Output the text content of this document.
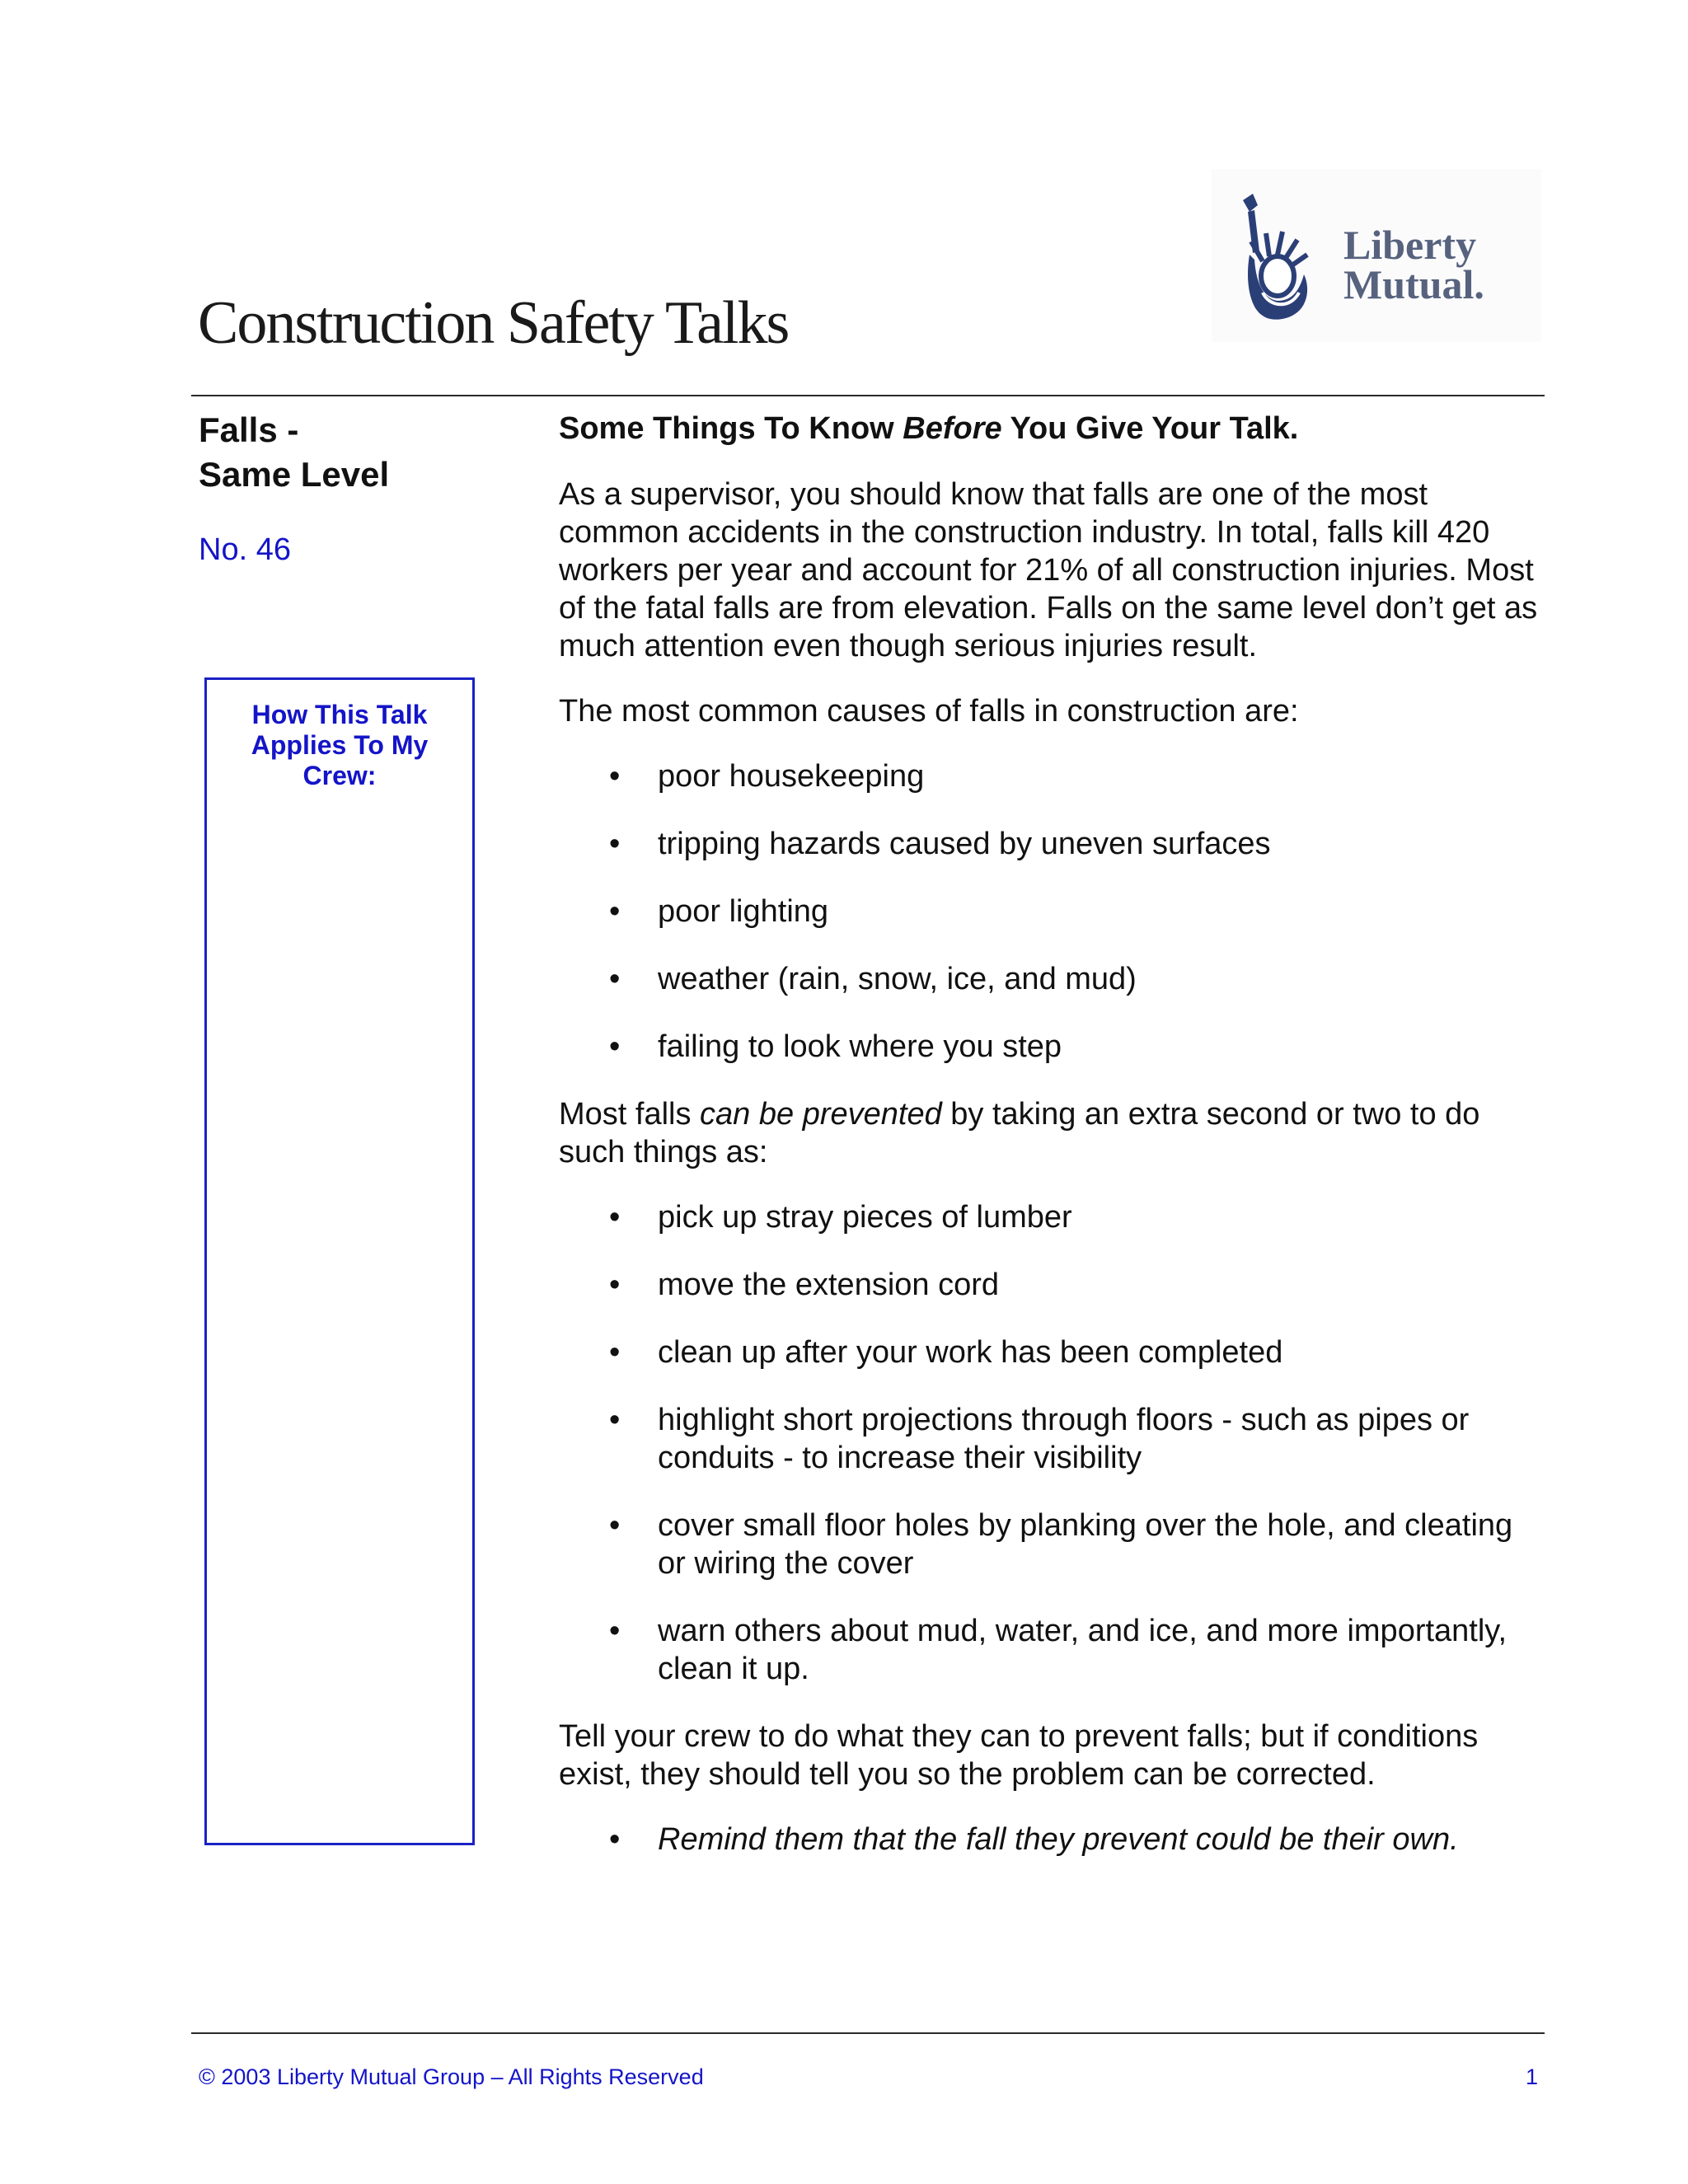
Construction Safety Talks
Liberty
Mutual.
Falls -
Same Level
No. 46
How This Talk Applies To My Crew:

Some Things To Know Before You Give Your Talk.

As a supervisor, you should know that falls are one of the most common accidents in the construction industry. In total, falls kill 420 workers per year and account for 21% of all construction injuries. Most of the fatal falls are from elevation. Falls on the same level don’t get as much attention even though serious injuries result.

The most common causes of falls in construction are:

• poor housekeeping
• tripping hazards caused by uneven surfaces
• poor lighting
• weather (rain, snow, ice, and mud)
• failing to look where you step

Most falls can be prevented by taking an extra second or two to do such things as:

• pick up stray pieces of lumber
• move the extension cord
• clean up after your work has been completed
• highlight short projections through floors - such as pipes or conduits - to increase their visibility
• cover small floor holes by planking over the hole, and cleating or wiring the cover
• warn others about mud, water, and ice, and more importantly, clean it up.

Tell your crew to do what they can to prevent falls; but if conditions exist, they should tell you so the problem can be corrected.

• Remind them that the fall they prevent could be their own.
© 2003 Liberty Mutual Group – All Rights Reserved	1
